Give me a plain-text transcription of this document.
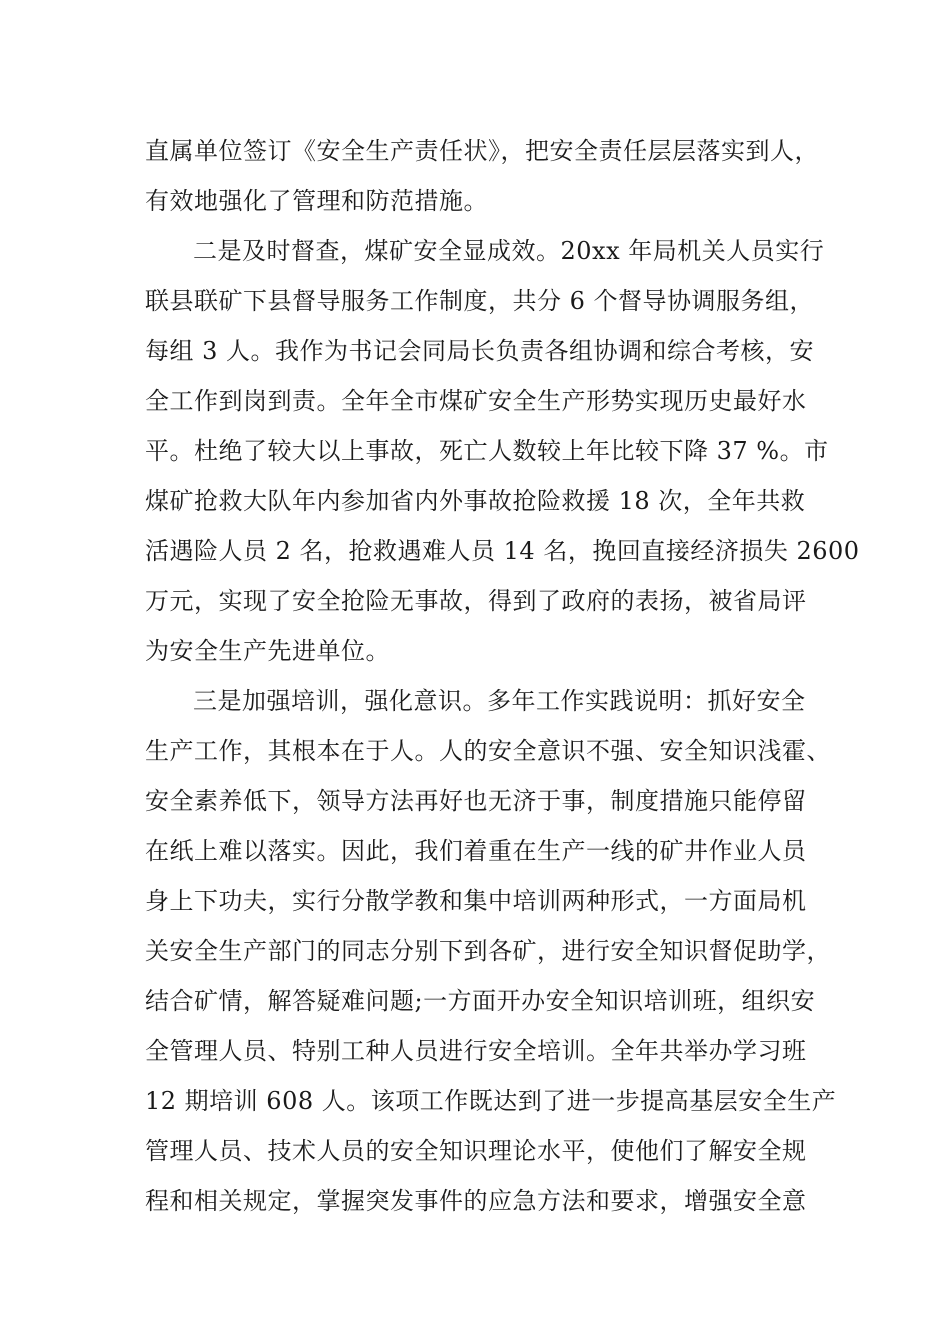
直属单位签订《安全生产责任状》，把安全责任层层落实到人，
有效地强化了管理和防范措施。
二是及时督查，煤矿安全显成效。20xx 年局机关人员实行
联县联矿下县督导服务工作制度，共分 6 个督导协调服务组，
每组 3 人。我作为书记会同局长负责各组协调和综合考核，安
全工作到岗到责。全年全市煤矿安全生产形势实现历史最好水
平。杜绝了较大以上事故，死亡人数较上年比较下降 37 %。市
煤矿抢救大队年内参加省内外事故抢险救援 18 次，全年共救
活遇险人员 2 名，抢救遇难人员 14 名，挽回直接经济损失 2600
万元，实现了安全抢险无事故，得到了政府的表扬，被省局评
为安全生产先进单位。
三是加强培训，强化意识。多年工作实践说明：抓好安全
生产工作，其根本在于人。人的安全意识不强、安全知识浅霍、
安全素养低下，领导方法再好也无济于事，制度措施只能停留
在纸上难以落实。因此，我们着重在生产一线的矿井作业人员
身上下功夫，实行分散学教和集中培训两种形式，一方面局机
关安全生产部门的同志分别下到各矿，进行安全知识督促助学，
结合矿情，解答疑难问题;一方面开办安全知识培训班，组织安
全管理人员、特别工种人员进行安全培训。全年共举办学习班
12 期培训 608 人。该项工作既达到了进一步提高基层安全生产
管理人员、技术人员的安全知识理论水平，使他们了解安全规
程和相关规定，掌握突发事件的应急方法和要求，增强安全意
